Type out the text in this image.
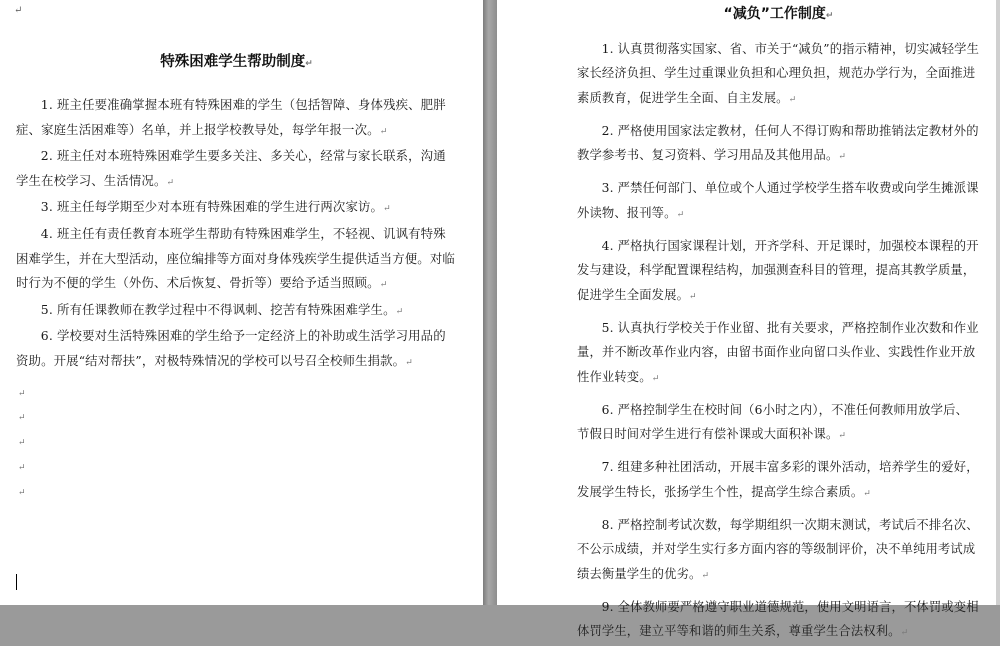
↵
特殊困难学生帮助制度↵

1. 班主任要准确掌握本班有特殊困难的学生（包括智障、身体残疾、肥胖症、家庭生活困难等）名单，并上报学校教导处，每学年报一次。↵

2. 班主任对本班特殊困难学生要多关注、多关心，经常与家长联系，沟通学生在校学习、生活情况。↵

3. 班主任每学期至少对本班有特殊困难的学生进行两次家访。↵

4. 班主任有责任教育本班学生帮助有特殊困难学生，不轻视、讥讽有特殊困难学生，并在大型活动，座位编排等方面对身体残疾学生提供适当方便。对临时行为不便的学生（外伤、术后恢复、骨折等）要给予适当照顾。↵

5. 所有任课教师在教学过程中不得讽刺、挖苦有特殊困难学生。↵

6. 学校要对生活特殊困难的学生给予一定经济上的补助或生活学习用品的资助。开展“结对帮扶”，对极特殊情况的学校可以号召全校师生捐款。↵

↵
↵
↵
↵
↵
“减负”工作制度↵

1. 认真贯彻落实国家、省、市关于“减负”的指示精神，切实减轻学生家长经济负担、学生过重课业负担和心理负担，规范办学行为，全面推进素质教育，促进学生全面、自主发展。↵

2. 严格使用国家法定教材，任何人不得订购和帮助推销法定教材外的教学参考书、复习资料、学习用品及其他用品。↵

3. 严禁任何部门、单位或个人通过学校学生搭车收费或向学生摊派课外读物、报刊等。↵

4. 严格执行国家课程计划，开齐学科、开足课时，加强校本课程的开发与建设，科学配置课程结构，加强测查科目的管理，提高其教学质量，促进学生全面发展。↵

5. 认真执行学校关于作业留、批有关要求，严格控制作业次数和作业量，并不断改革作业内容，由留书面作业向留口头作业、实践性作业开放性作业转变。↵

6. 严格控制学生在校时间（6小时之内），不准任何教师用放学后、节假日时间对学生进行有偿补课或大面积补课。↵

7. 组建多种社团活动，开展丰富多彩的课外活动，培养学生的爱好，发展学生特长，张扬学生个性，提高学生综合素质。↵

8. 严格控制考试次数，每学期组织一次期末测试，考试后不排名次、不公示成绩，并对学生实行多方面内容的等级制评价，决不单纯用考试成绩去衡量学生的优劣。↵

9. 全体教师要严格遵守职业道德规范，使用文明语言，不体罚或变相体罚学生，建立平等和谐的师生关系，尊重学生合法权利。↵
